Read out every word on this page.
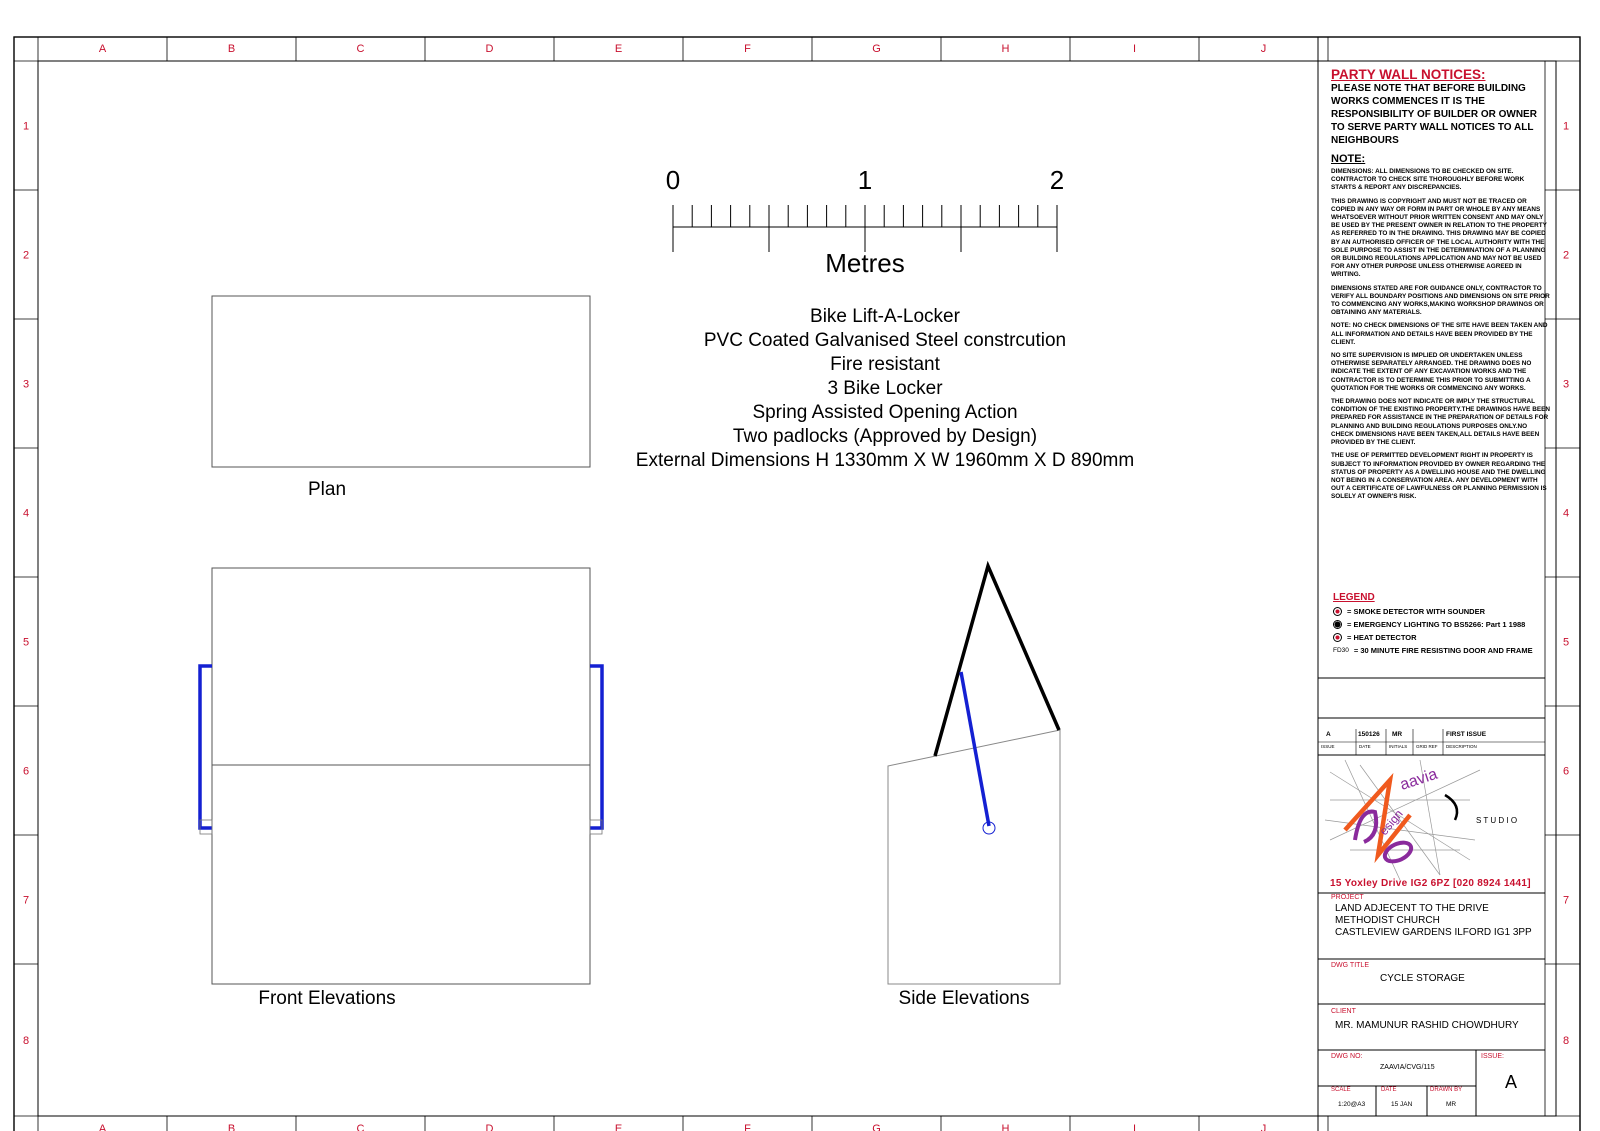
A
A
B
B
C
C
D
D
E
E
F
F
G
G
H
H
I
I
J
J
1	1
2	2
3	3
4	4
5	5
6	6
7	7
8	8
0	1	2
Metres
Bike Lift-A-Locker
PVC Coated Galvanised Steel constrcution
Fire resistant
3 Bike Locker
Spring Assisted Opening Action
Two padlocks (Approved by Design)
External Dimensions H 1330mm X W 1960mm X D 890mm
Plan
Front Elevations	Side Elevations
aavia
esign	S T U D I O
PARTY WALL NOTICES:
PLEASE NOTE THAT BEFORE BUILDING WORKS COMMENCES IT IS THE RESPONSIBILITY OF BUILDER OR OWNER TO SERVE PARTY WALL NOTICES TO ALL NEIGHBOURS
NOTE:
DIMENSIONS: ALL DIMENSIONS TO BE CHECKED ON SITE. CONTRACTOR TO CHECK SITE THOROUGHLY BEFORE WORK STARTS & REPORT ANY DISCREPANCIES.
THIS DRAWING IS COPYRIGHT AND MUST NOT BE TRACED OR COPIED IN ANY WAY OR FORM IN PART OR WHOLE BY ANY MEANS WHATSOEVER WITHOUT PRIOR WRITTEN CONSENT AND MAY ONLY BE USED BY THE PRESENT OWNER IN RELATION TO THE PROPERTY AS REFERRED TO IN THE DRAWING. THIS DRAWING MAY BE COPIED BY AN AUTHORISED OFFICER OF THE LOCAL AUTHORITY WITH THE SOLE PURPOSE TO ASSIST IN THE DETERMINATION OF A PLANNING OR BUILDING REGULATIONS APPLICATION AND MAY NOT BE USED FOR ANY OTHER PURPOSE UNLESS OTHERWISE AGREED IN WRITING.
DIMENSIONS STATED ARE FOR GUIDANCE ONLY, CONTRACTOR TO VERIFY ALL BOUNDARY POSITIONS AND DIMENSIONS ON SITE PRIOR TO COMMENCING ANY WORKS,MAKING WORKSHOP DRAWINGS OR OBTAINING ANY MATERIALS.
NOTE: NO CHECK DIMENSIONS OF THE SITE HAVE BEEN TAKEN AND ALL INFORMATION AND DETAILS HAVE BEEN PROVIDED BY THE CLIENT.
NO SITE SUPERVISION IS IMPLIED OR UNDERTAKEN UNLESS OTHERWISE SEPARATELY ARRANGED. THE DRAWING DOES NO INDICATE THE EXTENT OF ANY EXCAVATION WORKS AND THE CONTRACTOR IS TO DETERMINE THIS PRIOR TO SUBMITTING A QUOTATION FOR THE WORKS OR COMMENCING ANY WORKS.
THE DRAWING DOES NOT INDICATE OR IMPLY THE STRUCTURAL CONDITION OF THE EXISTING PROPERTY.THE DRAWINGS HAVE BEEN PREPARED FOR ASSISTANCE IN THE PREPARATION OF DETAILS FOR PLANNING AND BUILDING REGULATIONS PURPOSES ONLY.NO CHECK DIMENSIONS HAVE BEEN TAKEN,ALL DETAILS HAVE BEEN PROVIDED BY THE CLIENT.
THE USE OF PERMITTED DEVELOPMENT RIGHT IN PROPERTY IS SUBJECT TO INFORMATION PROVIDED BY OWNER REGARDING THE STATUS OF PROPERTY AS A DWELLING HOUSE AND THE DWELLING NOT BEING IN A CONSERVATION AREA. ANY DEVELOPMENT WITH OUT A CERTIFICATE OF LAWFULNESS OR PLANNING PERMISSION IS SOLELY AT OWNER'S RISK.
LEGEND
= SMOKE DETECTOR WITH SOUNDER
= EMERGENCY LIGHTING TO BS5266: Part 1 1988
= HEAT DETECTOR
FD30 = 30 MINUTE FIRE RESISTING DOOR AND FRAME
A	150126 MR	FIRST ISSUE
ISSUE	DATE	INITIALS GRID REF DESCRIPTION
15 Yoxley Drive IG2 6PZ [020 8924 1441]
PROJECT
LAND ADJECENT TO THE DRIVE
METHODIST CHURCH
CASTLEVIEW GARDENS ILFORD IG1 3PP
DWG TITLE
CYCLE STORAGE
CLIENT
MR. MAMUNUR RASHID CHOWDHURY
DWG NO:
ZAAVIA/CVG/115
ISSUE:
A
SCALE
1:20@A3
DATE
15 JAN
DRAWN BY
MR
